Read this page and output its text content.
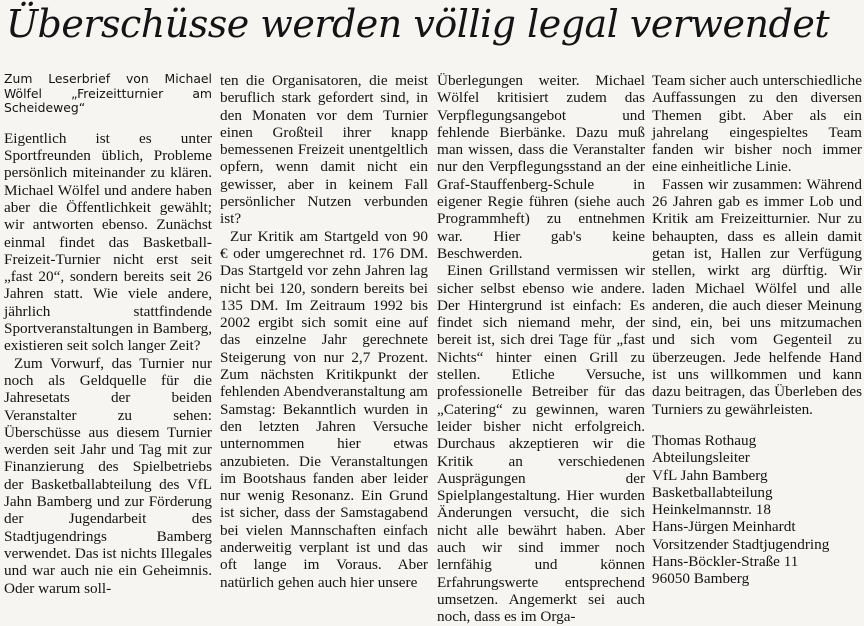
Überschüsse werden völlig legal verwendet

Zum Leserbrief von Michael Wölfel „Freizeitturnier am Scheideweg“

Eigentlich ist es unter Sportfreunden üblich, Probleme persönlich miteinander zu klären. Michael Wölfel und andere haben aber die Öffentlichkeit gewählt; wir antworten ebenso. Zunächst einmal findet das Basketball-Freizeit-Turnier nicht erst seit „fast 20“, sondern bereits seit 26 Jahren statt. Wie viele andere, jährlich stattfindende Sportveranstaltungen in Bamberg, existieren seit solch langer Zeit?

Zum Vorwurf, das Turnier nur noch als Geldquelle für die Jahresetats der beiden Veranstalter zu sehen: Überschüsse aus diesem Turnier werden seit Jahr und Tag mit zur Finanzierung des Spielbetriebs der Basketballabteilung des VfL Jahn Bamberg und zur Förderung der Jugendarbeit des Stadtjugendrings Bamberg verwendet. Das ist nichts Illegales und war auch nie ein Geheimnis. Oder warum soll-

ten die Organisatoren, die meist beruflich stark gefordert sind, in den Monaten vor dem Turnier einen Großteil ihrer knapp bemessenen Freizeit unentgeltlich opfern, wenn damit nicht ein gewisser, aber in keinem Fall persönlicher Nutzen verbunden ist?

Zur Kritik am Startgeld von 90 € oder umgerechnet rd. 176 DM. Das Startgeld vor zehn Jahren lag nicht bei 120, sondern bereits bei 135 DM. Im Zeitraum 1992 bis 2002 ergibt sich somit eine auf das einzelne Jahr gerechnete Steigerung von nur 2,7 Prozent. Zum nächsten Kritikpunkt der fehlenden Abendveranstaltung am Samstag: Bekanntlich wurden in den letzten Jahren Versuche unternommen hier etwas anzubieten. Die Veranstaltungen im Bootshaus fanden aber leider nur wenig Resonanz. Ein Grund ist sicher, dass der Samstagabend bei vielen Mannschaften einfach anderweitig verplant ist und das oft lange im Voraus. Aber natürlich gehen auch hier unsere

Überlegungen weiter. Michael Wölfel kritisiert zudem das Verpflegungsangebot und fehlende Bierbänke. Dazu muß man wissen, dass die Veranstalter nur den Verpflegungsstand an der Graf-Stauffenberg-Schule in eigener Regie führen (siehe auch Programmheft) zu entnehmen war. Hier gab's keine Beschwerden.

Einen Grillstand vermissen wir sicher selbst ebenso wie andere. Der Hintergrund ist einfach: Es findet sich niemand mehr, der bereit ist, sich drei Tage für „fast Nichts“ hinter einen Grill zu stellen. Etliche Versuche, professionelle Betreiber für das „Catering“ zu gewinnen, waren leider bisher nicht erfolgreich. Durchaus akzeptieren wir die Kritik an verschiedenen Ausprägungen der Spielplangestaltung. Hier wurden Änderungen versucht, die sich nicht alle bewährt haben. Aber auch wir sind immer noch lernfähig und können Erfahrungswerte entsprechend umsetzen. Angemerkt sei auch noch, dass es im Orga-

Team sicher auch unterschiedliche Auffassungen zu den diversen Themen gibt. Aber als ein jahrelang eingespieltes Team fanden wir bisher noch immer eine einheitliche Linie.

Fassen wir zusammen: Während 26 Jahren gab es immer Lob und Kritik am Freizeitturnier. Nur zu behaupten, dass es allein damit getan ist, Hallen zur Verfügung stellen, wirkt arg dürftig. Wir laden Michael Wölfel und alle anderen, die auch dieser Meinung sind, ein, bei uns mitzumachen und sich vom Gegenteil zu überzeugen. Jede helfende Hand ist uns willkommen und kann dazu beitragen, das Überleben des Turniers zu gewährleisten.

Thomas Rothaug
Abteilungsleiter
VfL Jahn Bamberg
Basketballabteilung
Heinkelmannstr. 18
Hans-Jürgen Meinhardt
Vorsitzender Stadtjugendring
Hans-Böckler-Straße 11
96050 Bamberg
